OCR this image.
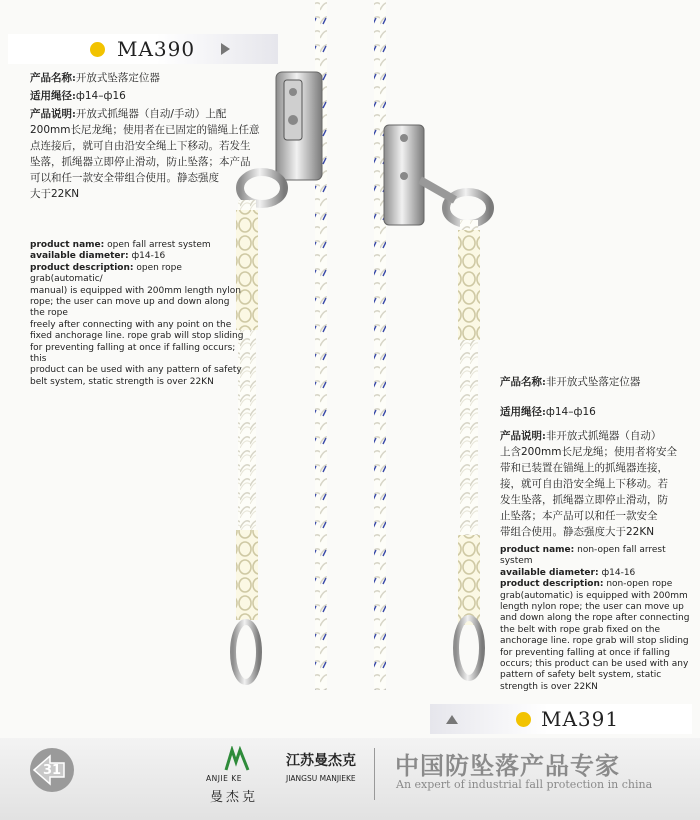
MA390
产品名称:开放式坠落定位器
适用绳径:ф14–ф16
产品说明:开放式抓绳器（自动/手动）上配
200mm长尼龙绳；使用者在已固定的锚绳上任意
点连接后，就可自由沿安全绳上下移动。若发生
坠落，抓绳器立即停止滑动，防止坠落；本产品
可以和任一款安全带组合使用。静态强度
大于22KN
product name: open fall arrest system
available diameter: ф14-16
product description: open rope grab(automatic/
manual) is equipped with 200mm length nylon
rope; the user can move up and down along the rope
freely after connecting with any point on the
fixed anchorage line. rope grab will stop sliding
for preventing falling at once if falling occurs; this
product can be used with any pattern of safety
belt system, static strength is over 22KN	产品名称:非开放式坠落定位器
适用绳径:ф14–ф16
产品说明:非开放式抓绳器（自动）
上含200mm长尼龙绳；使用者将安全
带和已装置在锚绳上的抓绳器连接，
接，就可自由沿安全绳上下移动。若
发生坠落，抓绳器立即停止滑动，防
止坠落；本产品可以和任一款安全
带组合使用。静态强度大于22KN
product name: non-open fall arrest system
available diameter: ф14-16
product description: non-open rope
grab(automatic) is equipped with 200mm
length nylon rope; the user can move up
and down along the rope after connecting
the belt with rope grab fixed on the
anchorage line. rope grab will stop sliding
for preventing falling at once if falling
occurs; this product can be used with any
pattern of safety belt system, static
strength is over 22KN
MA391
31
ANJIE KE
曼杰克
江苏曼杰克
JIANGSU MANJIEKE 中国防坠落产品专家
An expert of industrial fall protection in china
